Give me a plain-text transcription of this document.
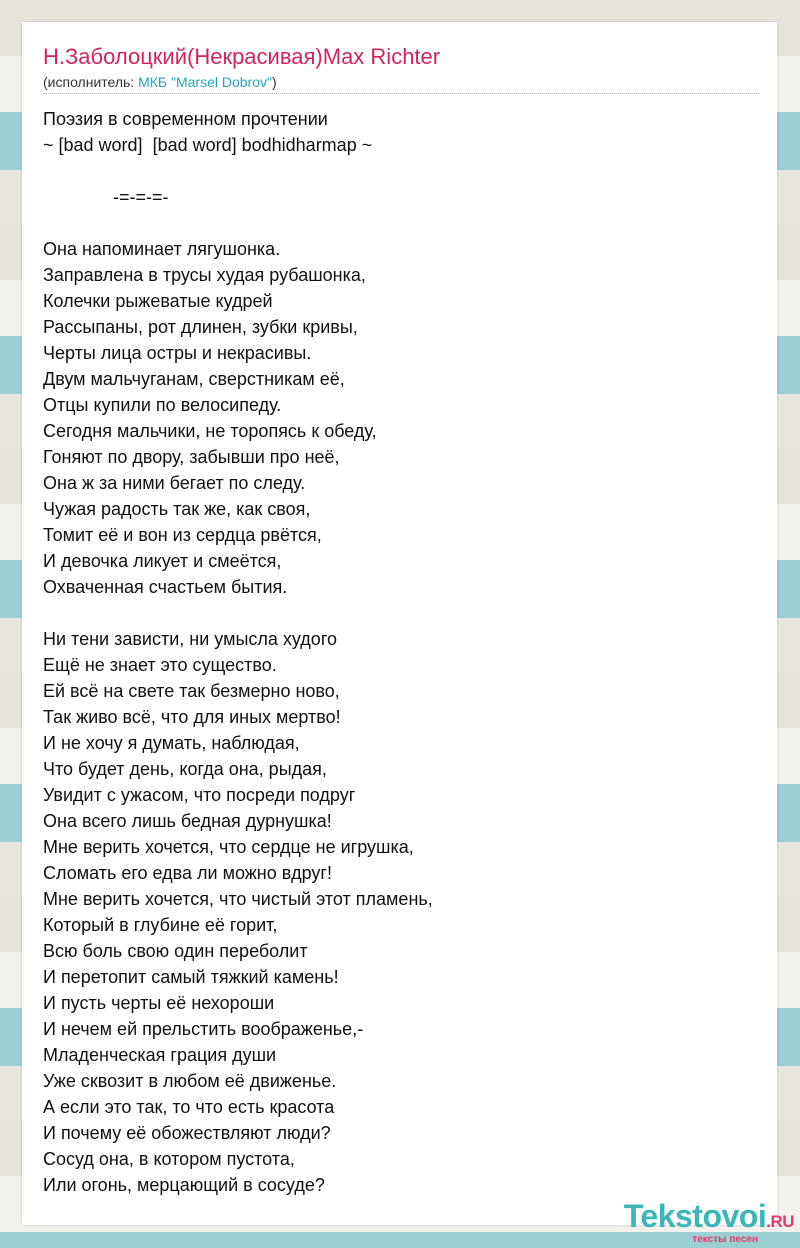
Н.Заболоцкий(Некрасивая)Max Richter
(исполнитель: МКБ "Marsel Dobrov")
Поэзия в современном прочтении
~ [bad word]  [bad word] bodhidharmap ~
-=-=-=-
Она напоминает лягушонка.
Заправлена в трусы худая рубашонка,
Колечки рыжеватые кудрей
Рассыпаны, рот длинен, зубки кривы,
Черты лица остры и некрасивы.
Двум мальчуганам, сверстникам её,
Отцы купили по велосипеду.
Сегодня мальчики, не торопясь к обеду,
Гоняют по двору, забывши про неё,
Она ж за ними бегает по следу.
Чужая радость так же, как своя,
Томит её и вон из сердца рвётся,
И девочка ликует и смеётся,
Охваченная счастьем бытия.
Ни тени зависти, ни умысла худого
Ещё не знает это существо.
Ей всё на свете так безмерно ново,
Так живо всё, что для иных мертво!
И не хочу я думать, наблюдая,
Что будет день, когда она, рыдая,
Увидит с ужасом, что посреди подруг
Она всего лишь бедная дурнушка!
Мне верить хочется, что сердце не игрушка,
Сломать его едва ли можно вдруг!
Мне верить хочется, что чистый этот пламень,
Который в глубине её горит,
Всю боль свою один переболит
И перетопит самый тяжкий камень!
И пусть черты её нехороши
И нечем ей прельстить воображенье,-
Младенческая грация души
Уже сквозит в любом её движенье.
А если это так, то что есть красота
И почему её обожествляют люди?
Сосуд она, в котором пустота,
Или огонь, мерцающий в сосуде?
Tekstovoi.RU
тексты песен
